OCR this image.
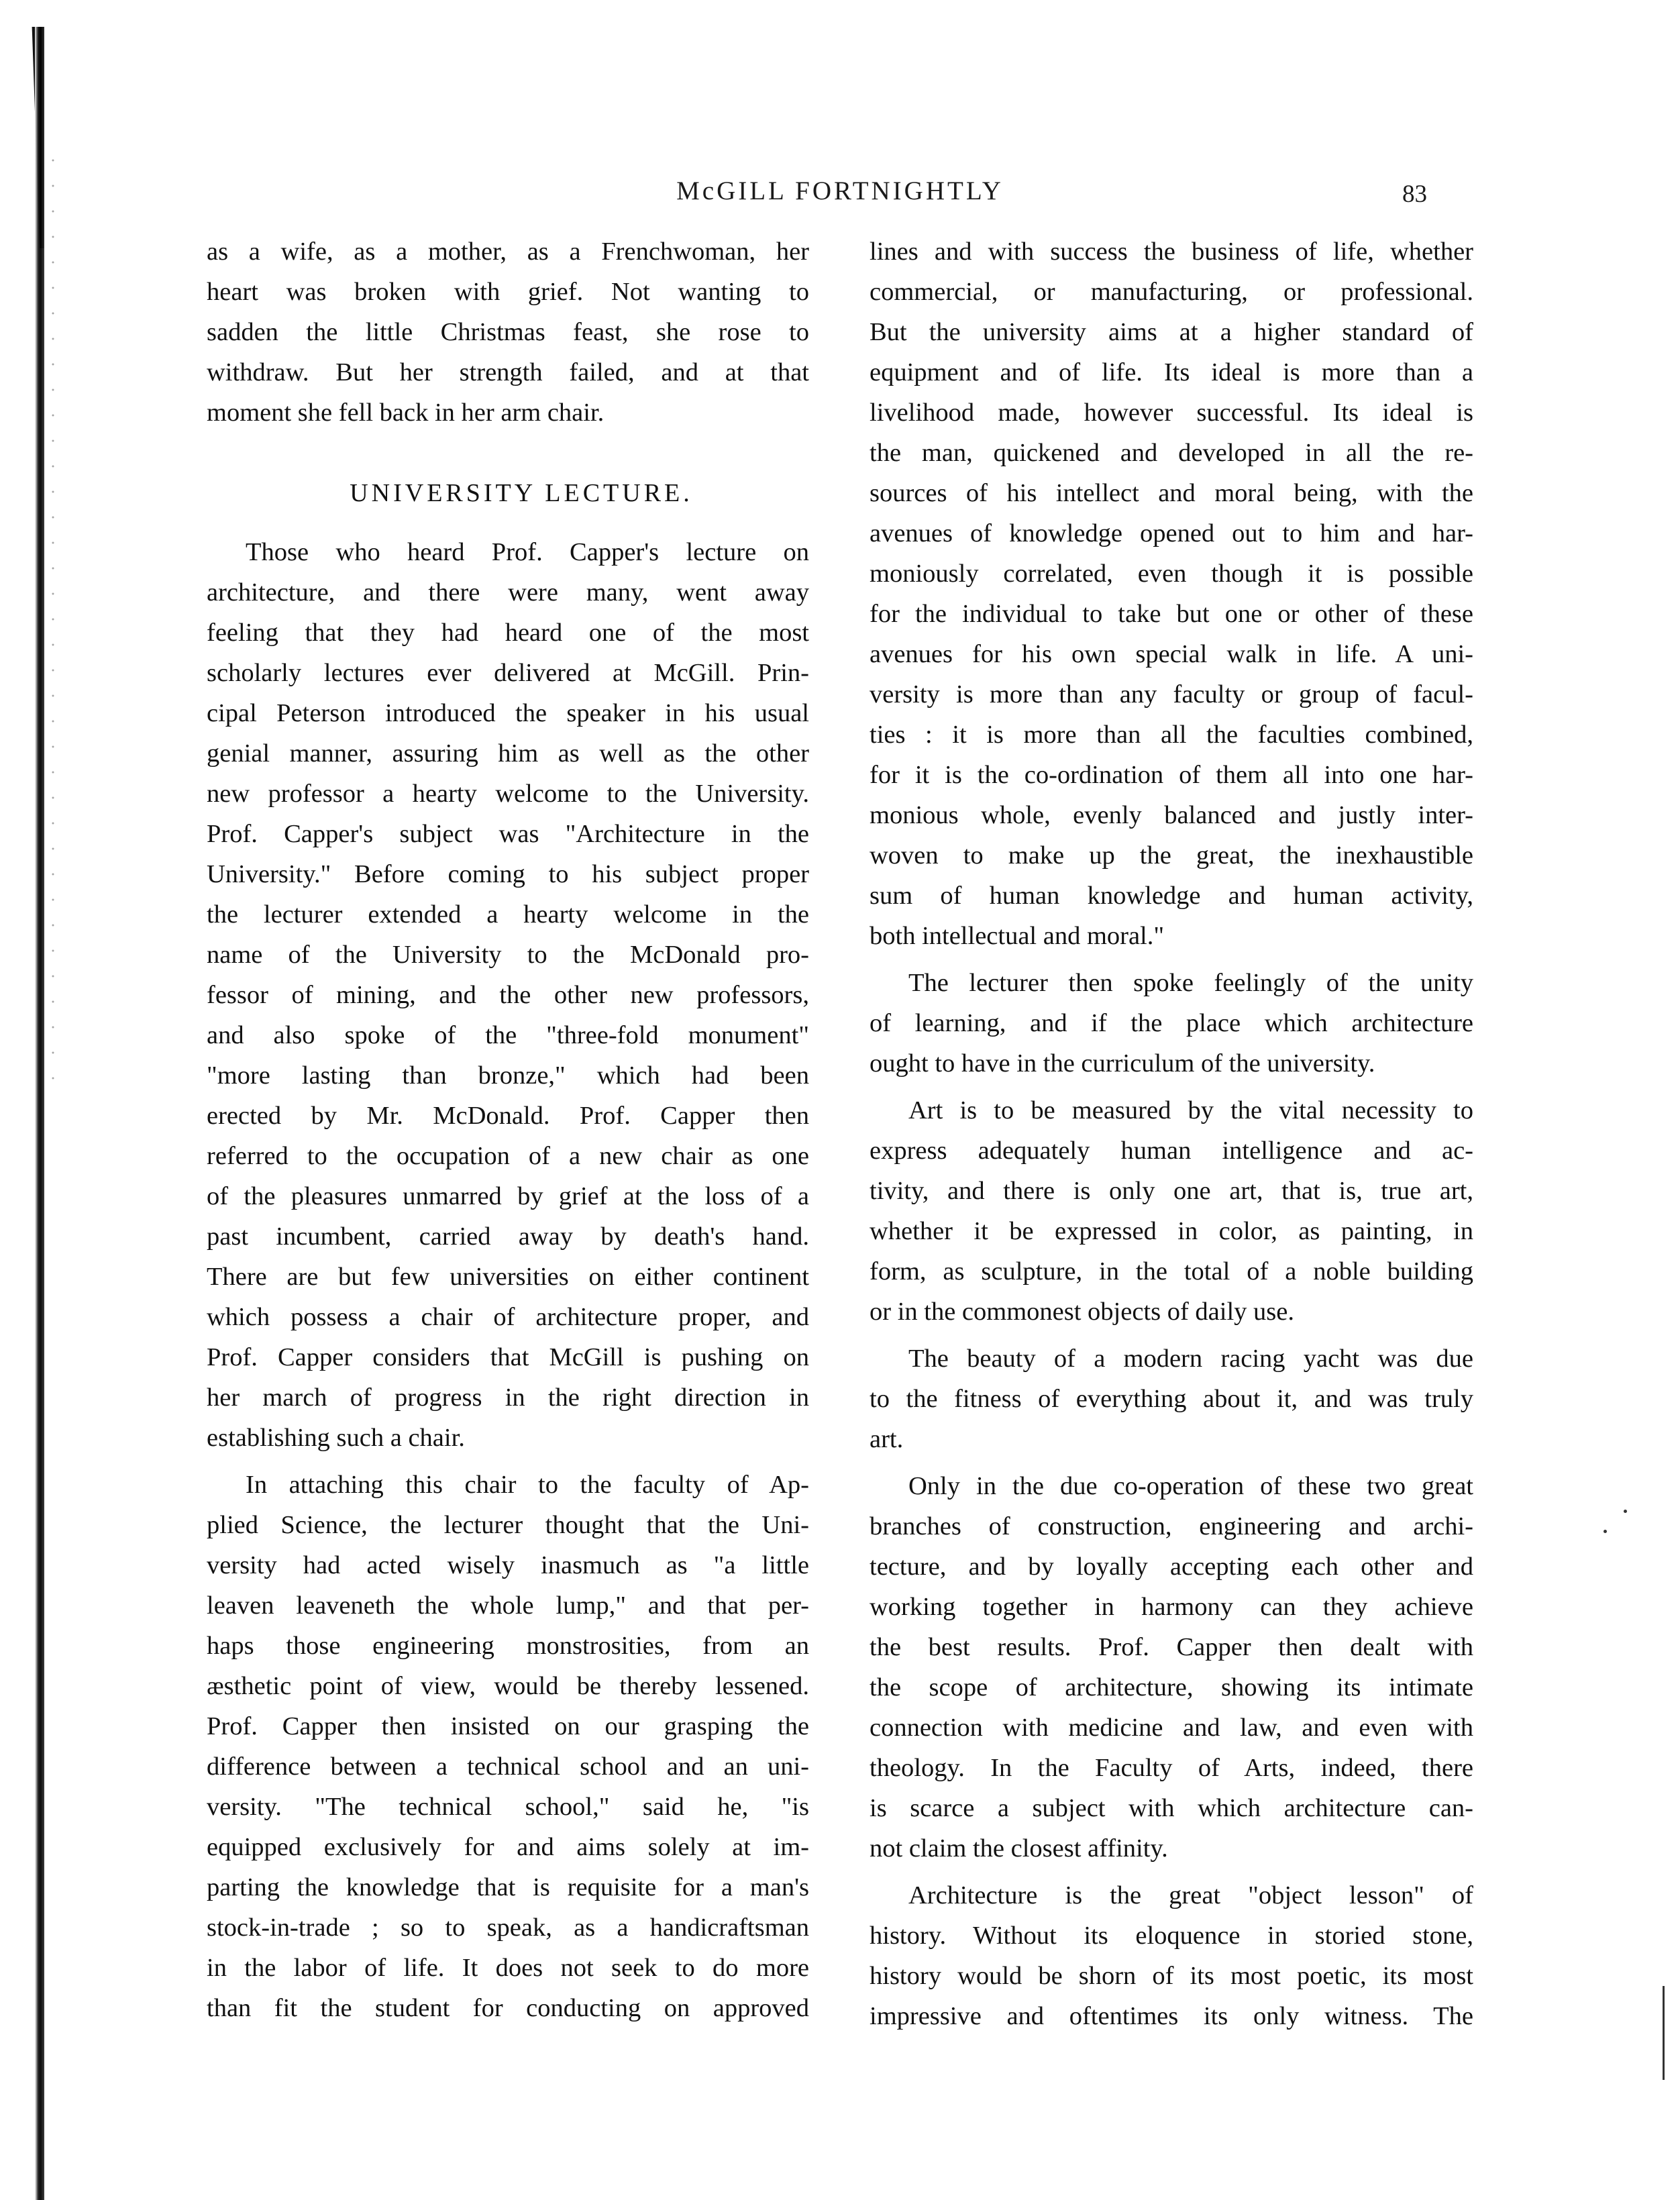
McGILL FORTNIGHTLY	83
as a wife, as a mother, as a Frenchwoman, her
heart was broken with grief. Not wanting to
sadden the little Christmas feast, she rose to
withdraw. But her strength failed, and at that
moment she fell back in her arm chair.
UNIVERSITY LECTURE.
Those who heard Prof. Capper's lecture on
architecture, and there were many, went away
feeling that they had heard one of the most
scholarly lectures ever delivered at McGill. Prin-
cipal Peterson introduced the speaker in his usual
genial manner, assuring him as well as the other
new professor a hearty welcome to the University.
Prof. Capper's subject was "Architecture in the
University." Before coming to his subject proper
the lecturer extended a hearty welcome in the
name of the University to the McDonald pro-
fessor of mining, and the other new professors,
and also spoke of the "three-fold monument"
"more lasting than bronze," which had been
erected by Mr. McDonald. Prof. Capper then
referred to the occupation of a new chair as one
of the pleasures unmarred by grief at the loss of a
past incumbent, carried away by death's hand.
There are but few universities on either continent
which possess a chair of architecture proper, and
Prof. Capper considers that McGill is pushing on
her march of progress in the right direction in
establishing such a chair.
In attaching this chair to the faculty of Ap-
plied Science, the lecturer thought that the Uni-
versity had acted wisely inasmuch as "a little
leaven leaveneth the whole lump," and that per-
haps those engineering monstrosities, from an
æsthetic point of view, would be thereby lessened.
Prof. Capper then insisted on our grasping the
difference between a technical school and an uni-
versity. "The technical school," said he, "is
equipped exclusively for and aims solely at im-
parting the knowledge that is requisite for a man's
stock-in-trade ; so to speak, as a handicraftsman
in the labor of life. It does not seek to do more
than fit the student for conducting on approved
lines and with success the business of life, whether
commercial, or manufacturing, or professional.
But the university aims at a higher standard of
equipment and of life. Its ideal is more than a
livelihood made, however successful. Its ideal is
the man, quickened and developed in all the re-
sources of his intellect and moral being, with the
avenues of knowledge opened out to him and har-
moniously correlated, even though it is possible
for the individual to take but one or other of these
avenues for his own special walk in life. A uni-
versity is more than any faculty or group of facul-
ties : it is more than all the faculties combined,
for it is the co-ordination of them all into one har-
monious whole, evenly balanced and justly inter-
woven to make up the great, the inexhaustible
sum of human knowledge and human activity,
both intellectual and moral."
The lecturer then spoke feelingly of the unity
of learning, and if the place which architecture
ought to have in the curriculum of the university.
Art is to be measured by the vital necessity to
express adequately human intelligence and ac-
tivity, and there is only one art, that is, true art,
whether it be expressed in color, as painting, in
form, as sculpture, in the total of a noble building
or in the commonest objects of daily use.
The beauty of a modern racing yacht was due
to the fitness of everything about it, and was truly
art.
Only in the due co-operation of these two great
branches of construction, engineering and archi-
tecture, and by loyally accepting each other and
working together in harmony can they achieve
the best results. Prof. Capper then dealt with
the scope of architecture, showing its intimate
connection with medicine and law, and even with
theology. In the Faculty of Arts, indeed, there
is scarce a subject with which architecture can-
not claim the closest affinity.
Architecture is the great "object lesson" of
history. Without its eloquence in storied stone,
history would be shorn of its most poetic, its most
impressive and oftentimes its only witness. The
